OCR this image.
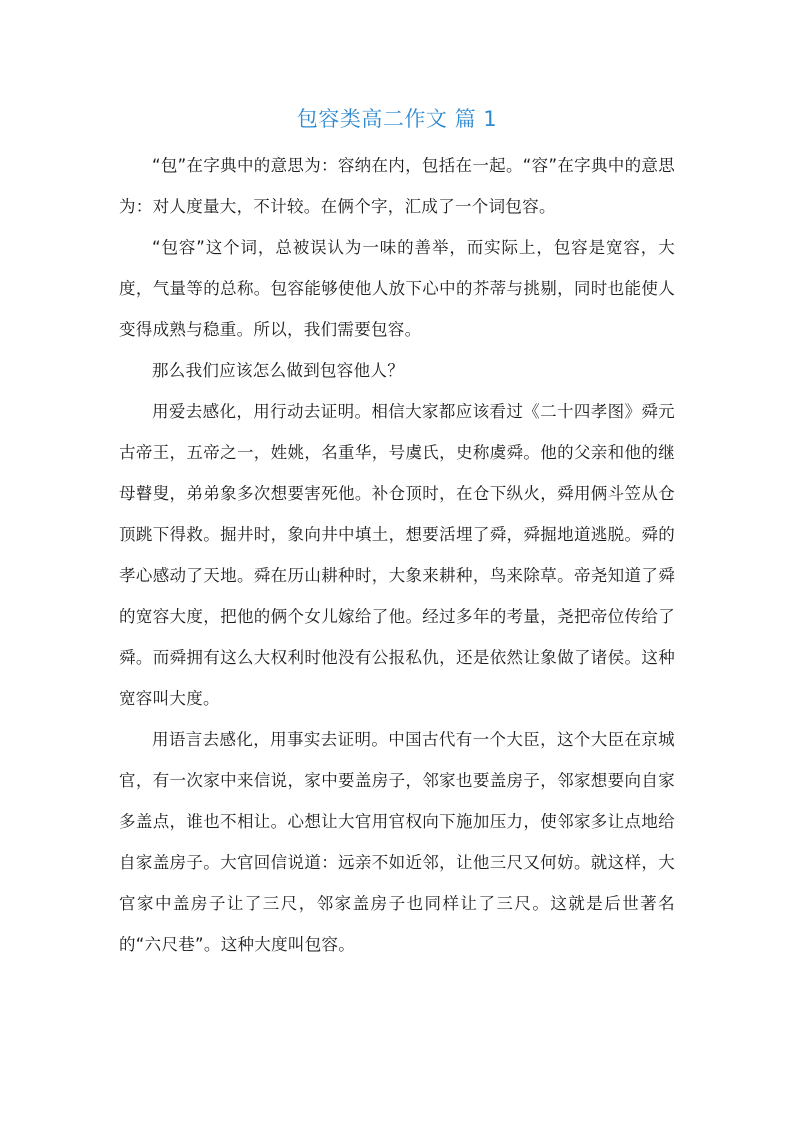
包容类高二作文 篇 1

“包”在字典中的意思为：容纳在内，包括在一起。“容”在字典中的意思为：对人度量大，不计较。在俩个字，汇成了一个词包容。

“包容”这个词，总被误认为一味的善举，而实际上，包容是宽容，大度，气量等的总称。包容能够使他人放下心中的芥蒂与挑剔，同时也能使人变得成熟与稳重。所以，我们需要包容。

那么我们应该怎么做到包容他人？

用爱去感化，用行动去证明。相信大家都应该看过《二十四孝图》舜元古帝王，五帝之一，姓姚，名重华，号虞氏，史称虞舜。他的父亲和他的继母瞽叟，弟弟象多次想要害死他。补仓顶时，在仓下纵火，舜用俩斗笠从仓顶跳下得救。掘井时，象向井中填土，想要活埋了舜，舜掘地道逃脱。舜的孝心感动了天地。舜在历山耕种时，大象来耕种，鸟来除草。帝尧知道了舜的宽容大度，把他的俩个女儿嫁给了他。经过多年的考量，尧把帝位传给了舜。而舜拥有这么大权利时他没有公报私仇，还是依然让象做了诸侯。这种宽容叫大度。

用语言去感化，用事实去证明。中国古代有一个大臣，这个大臣在京城官，有一次家中来信说，家中要盖房子，邻家也要盖房子，邻家想要向自家多盖点，谁也不相让。心想让大官用官权向下施加压力，使邻家多让点地给自家盖房子。大官回信说道：远亲不如近邻，让他三尺又何妨。就这样，大官家中盖房子让了三尺，邻家盖房子也同样让了三尺。这就是后世著名的“六尺巷”。这种大度叫包容。
